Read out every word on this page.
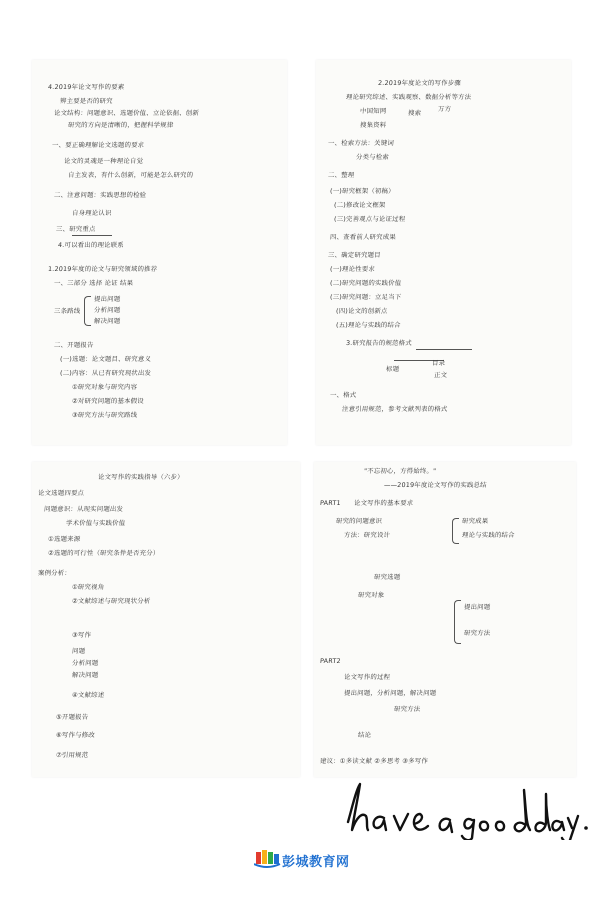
4.2019年论文写作的要素
辨主要是否的研究
论文结构：问题意识、选题价值、立论依据、创新
研究的方向是清晰的，把握科学规律
一、要正确理解论文选题的要求
论文的灵魂是一种理论自觉
自主发表，有什么创新，可能是怎么研究的
二、注意问题：实践思想的检验
自身理论认识
三、研究重点
4.可以看出的理论联系
1.2019年度的论文与研究领域的推荐
一、三部分 选择 论证 结果
三条路线
提出问题
分析问题
解决问题
二、开题报告
(一)选题：论文题目、研究意义
(二)内容：从已有研究现状出发
①研究对象与研究内容
②对研究问题的基本假设
③研究方法与研究路线
2.2019年度论文的写作步骤
理论研究综述、实践观察、数据分析等方法
中国知网	搜索	万方
搜集资料
一、检索方法：关键词
分类与检索
二、整理
(一)研究框架（初稿）
(二)修改论文框架
(三)完善观点与论证过程
四、查看前人研究成果
三、确定研究题目
(一)理论性要求
(二)研究问题的实践价值
(三)研究问题：立足当下
(四)论文的创新点
(五)理论与实践的结合
3.研究报告的规范格式
标题
目录
正文
一、格式
注意引用规范，参考文献列表的格式
论文写作的实践指导（六步）
论文选题四要点
问题意识：从现实问题出发
学术价值与实践价值
①选题来源
②选题的可行性（研究条件是否充分）
案例分析：
①研究视角
②文献综述与研究现状分析
③写作
问题
分析问题
解决问题
④文献综述
⑤开题报告
⑥写作与修改
⑦引用规范
"不忘初心，方得始终。"
——2019年度论文写作的实践总结
PART1 论文写作的基本要求
研究的问题意识
方法：研究设计
研究成果
理论与实践的结合
研究选题
研究对象
提出问题
研究方法
PART2
论文写作的过程
提出问题，分析问题，解决问题
研究方法
结论
建议：①多读文献 ②多思考 ③多写作
彭城教育网
